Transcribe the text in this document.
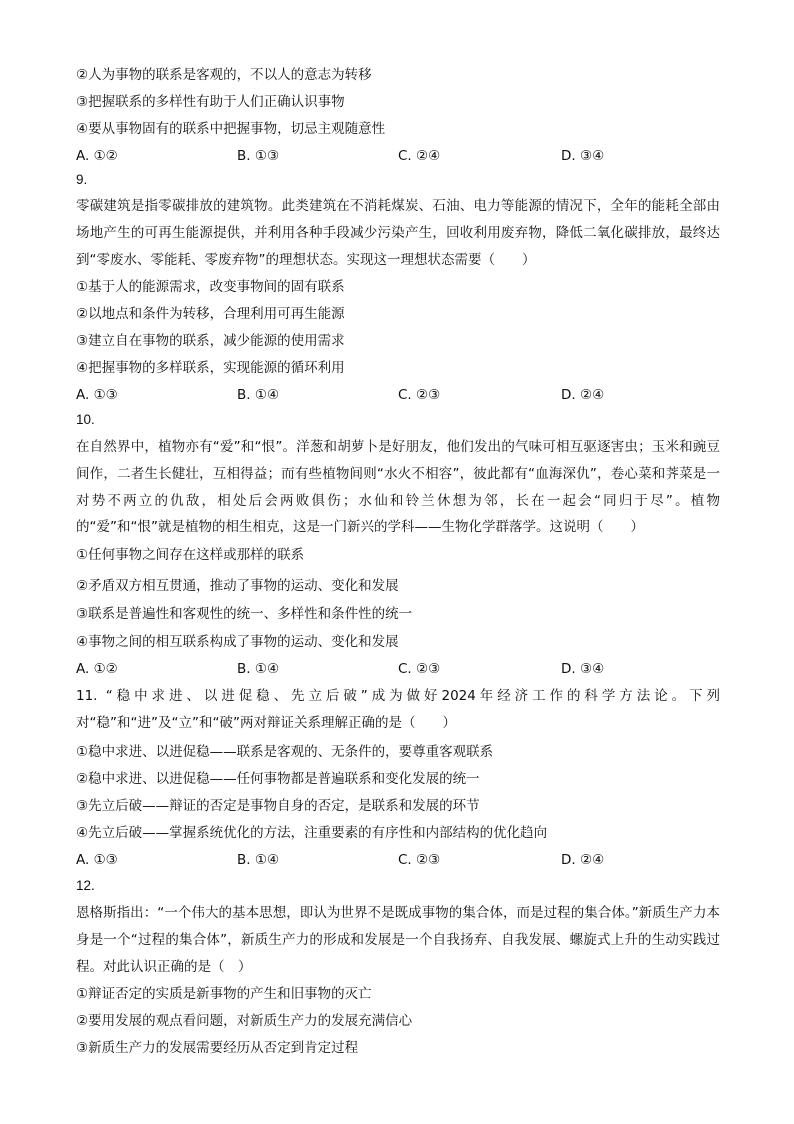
②人为事物的联系是客观的，不以人的意志为转移
③把握联系的多样性有助于人们正确认识事物
④要从事物固有的联系中把握事物，切忌主观随意性
A. ①②	B. ①③	C. ②④	D. ③④
9.
零碳建筑是指零碳排放的建筑物。此类建筑在不消耗煤炭、石油、电力等能源的情况下，全年的能耗全部由场地产生的可再生能源提供，并利用各种手段减少污染产生，回收利用废弃物，降低二氧化碳排放，最终达到“零废水、零能耗、零废弃物”的理想状态。实现这一理想状态需要（　　）
①基于人的能源需求，改变事物间的固有联系
②以地点和条件为转移，合理利用可再生能源
③建立自在事物的联系，减少能源的使用需求
④把握事物的多样联系，实现能源的循环利用
A. ①③	B. ①④	C. ②③	D. ②④
10.
在自然界中，植物亦有“爱”和“恨”。洋葱和胡萝卜是好朋友，他们发出的气味可相互驱逐害虫；玉米和豌豆间作，二者生长健壮，互相得益；而有些植物间则“水火不相容”，彼此都有“血海深仇”，卷心菜和荠菜是一对势不两立的仇敌，相处后会两败俱伤；水仙和铃兰休想为邻，长在一起会“同归于尽”。植物的“爱”和“恨”就是植物的相生相克，这是一门新兴的学科——生物化学群落学。这说明（　　）
①任何事物之间存在这样或那样的联系
②矛盾双方相互贯通，推动了事物的运动、变化和发展
③联系是普遍性和客观性的统一、多样性和条件性的统一
④事物之间的相互联系构成了事物的运动、变化和发展
A. ①②	B. ①④	C. ②③	D. ③④
11. “稳中求进、以进促稳、先立后破”成为做好2024年经济工作的科学方法论。下列对“稳”和“进”及“立”和“破”两对辩证关系理解正确的是（　　）
①稳中求进、以进促稳——联系是客观的、无条件的，要尊重客观联系
②稳中求进、以进促稳——任何事物都是普遍联系和变化发展的统一
③先立后破——辩证的否定是事物自身的否定，是联系和发展的环节
④先立后破——掌握系统优化的方法，注重要素的有序性和内部结构的优化趋向
A. ①③	B. ①④	C. ②③	D. ②④
12.
恩格斯指出：“一个伟大的基本思想，即认为世界不是既成事物的集合体，而是过程的集合体。”新质生产力本身是一个“过程的集合体”，新质生产力的形成和发展是一个自我扬弃、自我发展、螺旋式上升的生动实践过程。对此认识正确的是（　）
①辩证否定的实质是新事物的产生和旧事物的灭亡
②要用发展的观点看问题，对新质生产力的发展充满信心
③新质生产力的发展需要经历从否定到肯定过程
